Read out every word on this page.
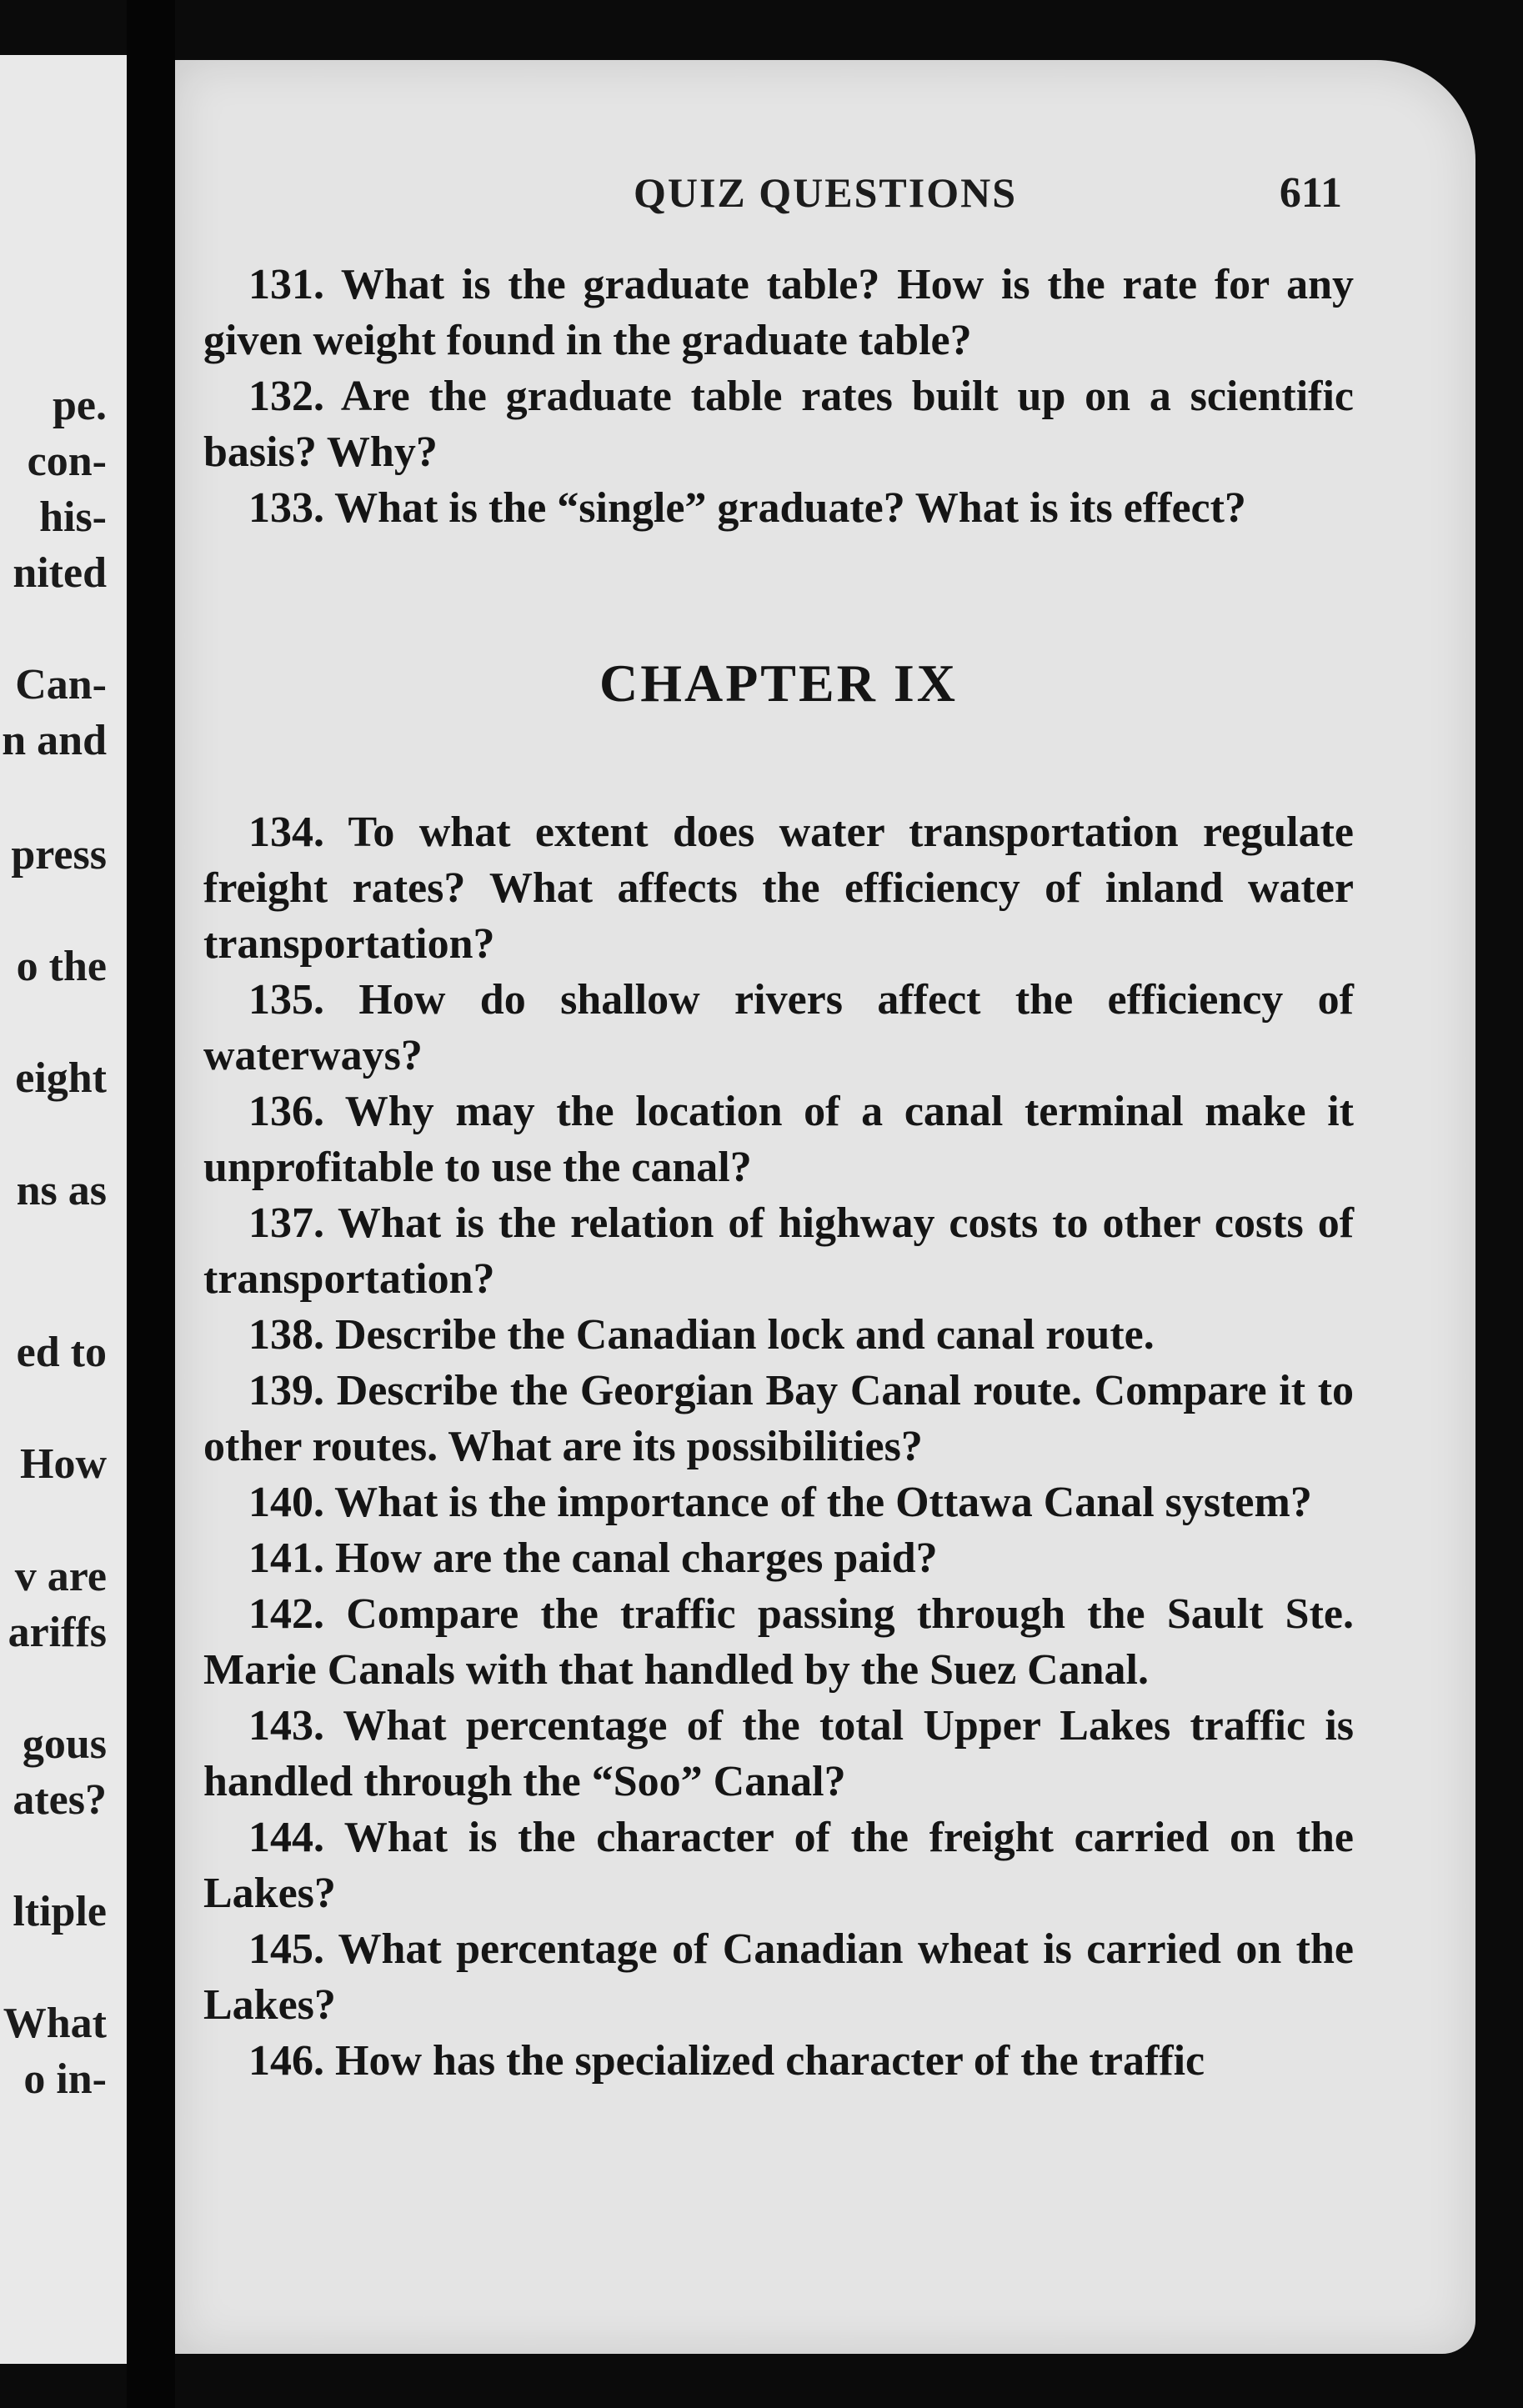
pe.
con-
his-
nited
Can-
n and
press
o the
eight
ns as
ed to
How
v are
ariffs
gous
ates?
ltiple
What
o in-
QUIZ QUESTIONS	611

131. What is the graduate table? How is the rate for any given weight found in the graduate table?

132. Are the graduate table rates built up on a scientific basis? Why?

133. What is the “single” graduate? What is its effect?

CHAPTER IX

134. To what extent does water transportation regulate freight rates? What affects the efficiency of inland water transportation?

135. How do shallow rivers affect the efficiency of waterways?

136. Why may the location of a canal terminal make it unprofitable to use the canal?

137. What is the relation of highway costs to other costs of transportation?

138. Describe the Canadian lock and canal route.

139. Describe the Georgian Bay Canal route. Compare it to other routes. What are its possibilities?

140. What is the importance of the Ottawa Canal system?

141. How are the canal charges paid?

142. Compare the traffic passing through the Sault Ste. Marie Canals with that handled by the Suez Canal.

143. What percentage of the total Upper Lakes traffic is handled through the “Soo” Canal?

144. What is the character of the freight carried on the Lakes?

145. What percentage of Canadian wheat is carried on the Lakes?

146. How has the specialized character of the traffic
